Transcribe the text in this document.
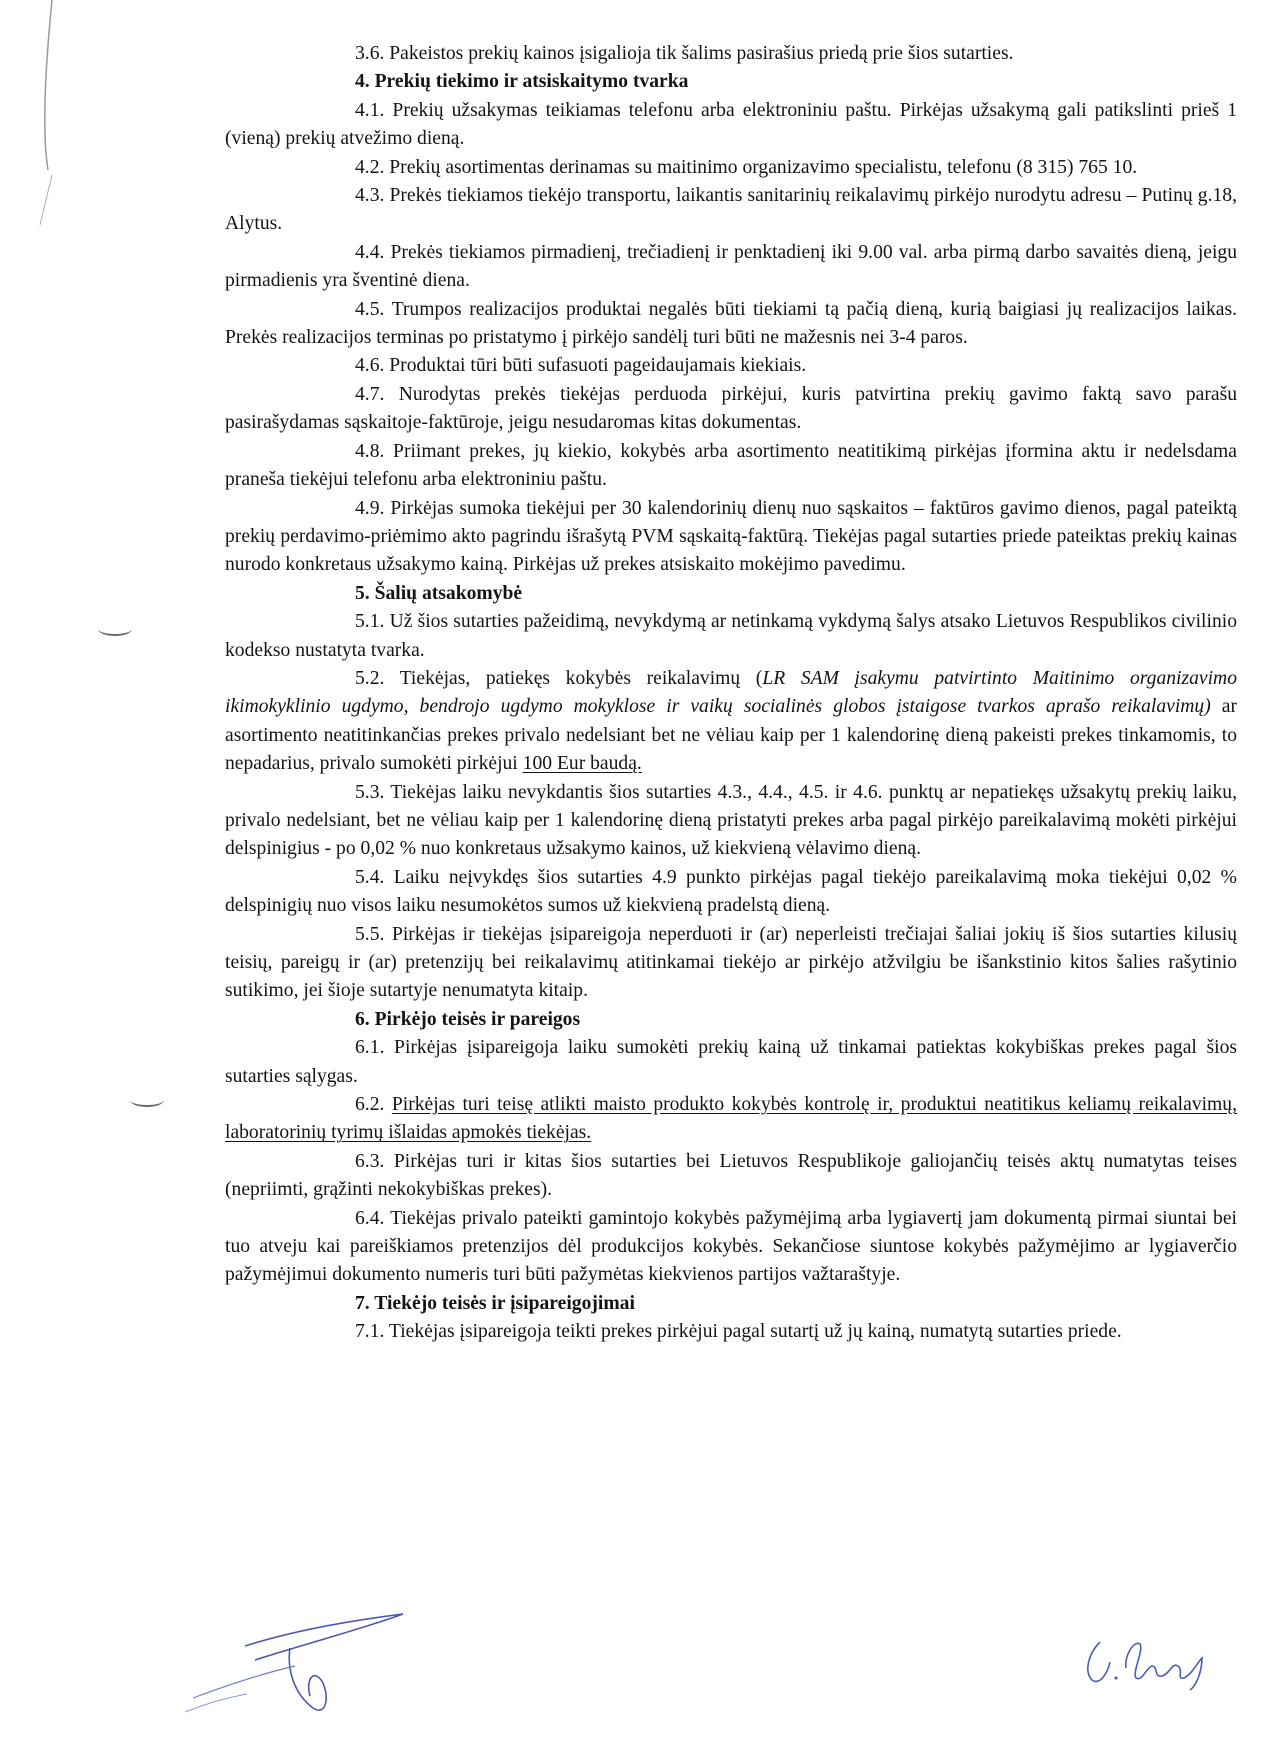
3.6. Pakeistos prekių kainos įsigalioja tik šalims pasirašius priedą prie šios sutarties.

4. Prekių tiekimo ir atsiskaitymo tvarka

4.1. Prekių užsakymas teikiamas telefonu arba elektroniniu paštu. Pirkėjas užsakymą gali patikslinti prieš 1 (vieną) prekių atvežimo dieną.

4.2. Prekių asortimentas derinamas su maitinimo organizavimo specialistu, telefonu (8 315) 765 10.

4.3. Prekės tiekiamos tiekėjo transportu, laikantis sanitarinių reikalavimų pirkėjo nurodytu adresu – Putinų g.18, Alytus.

4.4. Prekės tiekiamos pirmadienį, trečiadienį ir penktadienį iki 9.00 val. arba pirmą darbo savaitės dieną, jeigu pirmadienis yra šventinė diena.

4.5. Trumpos realizacijos produktai negalės būti tiekiami tą pačią dieną, kurią baigiasi jų realizacijos laikas. Prekės realizacijos terminas po pristatymo į pirkėjo sandėlį turi būti ne mažesnis nei 3-4 paros.

4.6. Produktai tūri būti sufasuoti pageidaujamais kiekiais.

4.7. Nurodytas prekės tiekėjas perduoda pirkėjui, kuris patvirtina prekių gavimo faktą savo parašu pasirašydamas sąskaitoje-faktūroje, jeigu nesudaromas kitas dokumentas.

4.8. Priimant prekes, jų kiekio, kokybės arba asortimento neatitikimą pirkėjas įformina aktu ir nedelsdama praneša tiekėjui telefonu arba elektroniniu paštu.

4.9. Pirkėjas sumoka tiekėjui per 30 kalendorinių dienų nuo sąskaitos – faktūros gavimo dienos, pagal pateiktą prekių perdavimo-priėmimo akto pagrindu išrašytą PVM sąskaitą-faktūrą. Tiekėjas pagal sutarties priede pateiktas prekių kainas nurodo konkretaus užsakymo kainą. Pirkėjas už prekes atsiskaito mokėjimo pavedimu.

5. Šalių atsakomybė

5.1. Už šios sutarties pažeidimą, nevykdymą ar netinkamą vykdymą šalys atsako Lietuvos Respublikos civilinio kodekso nustatyta tvarka.

5.2. Tiekėjas, patiekęs kokybės reikalavimų (LR SAM įsakymu patvirtinto Maitinimo organizavimo ikimokyklinio ugdymo, bendrojo ugdymo mokyklose ir vaikų socialinės globos įstaigose tvarkos aprašo reikalavimų) ar asortimento neatitinkančias prekes privalo nedelsiant bet ne vėliau kaip per 1 kalendorinę dieną pakeisti prekes tinkamomis, to nepadarius, privalo sumokėti pirkėjui 100 Eur baudą.

5.3. Tiekėjas laiku nevykdantis šios sutarties 4.3., 4.4., 4.5. ir 4.6. punktų ar nepatiekęs užsakytų prekių laiku, privalo nedelsiant, bet ne vėliau kaip per 1 kalendorinę dieną pristatyti prekes arba pagal pirkėjo pareikalavimą mokėti pirkėjui delspinigius - po 0,02 % nuo konkretaus užsakymo kainos, už kiekvieną vėlavimo dieną.

5.4. Laiku neįvykdęs šios sutarties 4.9 punkto pirkėjas pagal tiekėjo pareikalavimą moka tiekėjui 0,02 % delspinigių nuo visos laiku nesumokėtos sumos už kiekvieną pradelstą dieną.

5.5. Pirkėjas ir tiekėjas įsipareigoja neperduoti ir (ar) neperleisti trečiajai šaliai jokių iš šios sutarties kilusių teisių, pareigų ir (ar) pretenzijų bei reikalavimų atitinkamai tiekėjo ar pirkėjo atžvilgiu be išankstinio kitos šalies rašytinio sutikimo, jei šioje sutartyje nenumatyta kitaip.

6. Pirkėjo teisės ir pareigos

6.1. Pirkėjas įsipareigoja laiku sumokėti prekių kainą už tinkamai patiektas kokybiškas prekes pagal šios sutarties sąlygas.

6.2. Pirkėjas turi teisę atlikti maisto produkto kokybės kontrolę ir, produktui neatitikus keliamų reikalavimų, laboratorinių tyrimų išlaidas apmokės tiekėjas.

6.3. Pirkėjas turi ir kitas šios sutarties bei Lietuvos Respublikoje galiojančių teisės aktų numatytas teises (nepriimti, grąžinti nekokybiškas prekes).

6.4. Tiekėjas privalo pateikti gamintojo kokybės pažymėjimą arba lygiavertį jam dokumentą pirmai siuntai bei tuo atveju kai pareiškiamos pretenzijos dėl produkcijos kokybės. Sekančiose siuntose kokybės pažymėjimo ar lygiaverčio pažymėjimui dokumento numeris turi būti pažymėtas kiekvienos partijos važtaraštyje.

7. Tiekėjo teisės ir įsipareigojimai

7.1. Tiekėjas įsipareigoja teikti prekes pirkėjui pagal sutartį už jų kainą, numatytą sutarties priede.
